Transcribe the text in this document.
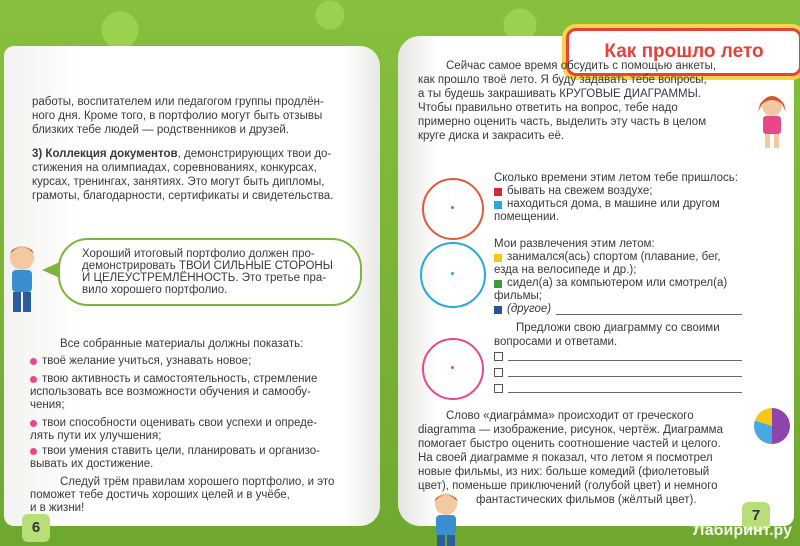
работы, воспитателем или педагогом группы продлён-
ного дня. Кроме того, в портфолио могут быть отзывы
близких тебе людей — родственников и друзей.
3) Коллекция документов, демонстрирующих твои до-
стижения на олимпиадах, соревнованиях, конкурсах,
курсах, тренингах, занятиях. Это могут быть дипломы,
грамоты, благодарности, сертификаты и свидетельства.
Хороший итоговый портфолио должен про-
демонстрировать ТВОИ СИЛЬНЫЕ СТОРОНЫ
И ЦЕЛЕУСТРЕМЛЁННОСТЬ. Это третье пра-
вило хорошего портфолио.
Все собранные материалы должны показать:
твоё желание учиться, узнавать новое;
твою активность и самостоятельность, стремление
использовать все возможности обучения и самообу-
чения;
твои способности оценивать свои успехи и опреде-
лять пути их улучшения;
твои умения ставить цели, планировать и организо-
вывать их достижение.
Следуй трём правилам хорошего портфолио, и это
поможет тебе достичь хороших целей и в учёбе,
и в жизни!
6
Как прошло лето
Сейчас самое время обсудить с помощью анкеты,
как прошло твоё лето. Я буду задавать тебе вопросы,
а ты будешь закрашивать КРУГОВЫЕ ДИАГРАММЫ.
Чтобы правильно ответить на вопрос, тебе надо
примерно оценить часть, выделить эту часть в целом
круге диска и закрасить её.
Сколько времени этим летом тебе пришлось:
бывать на свежем воздухе;
находиться дома, в машине или другом
помещении.
Мои развлечения этим летом:
занимался(ась) спортом (плавание, бег,
езда на велосипеде и др.);
сидел(а) за компьютером или смотрел(а)
фильмы;
(другое)
Предложи свою диаграмму со своими
вопросами и ответами.
Слово «диагра́мма» происходит от греческого
diagramma — изображение, рисунок, чертёж. Диаграмма
помогает быстро оценить соотношение частей и целого.
На своей диаграмме я показал, что летом я посмотрел
новые фильмы, из них: больше комедий (фиолетовый
цвет), поменьше приключений (голубой цвет) и немного
фантастических фильмов (жёлтый цвет).
7
Лабиринт.ру
